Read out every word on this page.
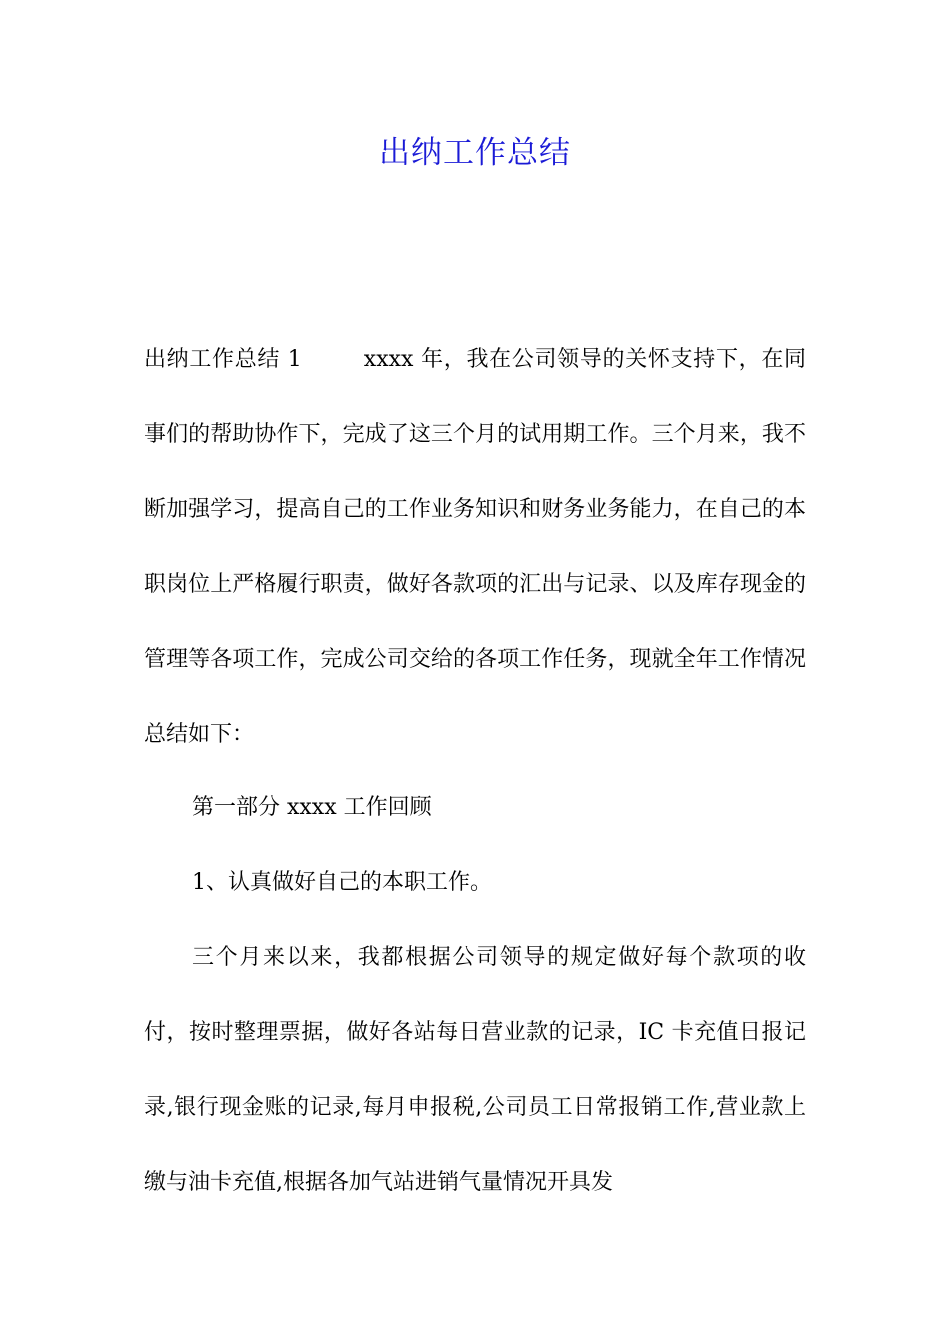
出纳工作总结

出纳工作总结 1	xxxx 年，我在公司领导的关怀支持下，在同事们的帮助协作下，完成了这三个月的试用期工作。三个月来，我不断加强学习，提高自己的工作业务知识和财务业务能力，在自己的本职岗位上严格履行职责，做好各款项的汇出与记录、以及库存现金的管理等各项工作，完成公司交给的各项工作任务，现就全年工作情况总结如下：

第一部分 xxxx 工作回顾

1、认真做好自己的本职工作。

三个月来以来，我都根据公司领导的规定做好每个款项的收付，按时整理票据，做好各站每日营业款的记录，IC 卡充值日报记录,银行现金账的记录,每月申报税,公司员工日常报销工作,营业款上缴与油卡充值,根据各加气站进销气量情况开具发
